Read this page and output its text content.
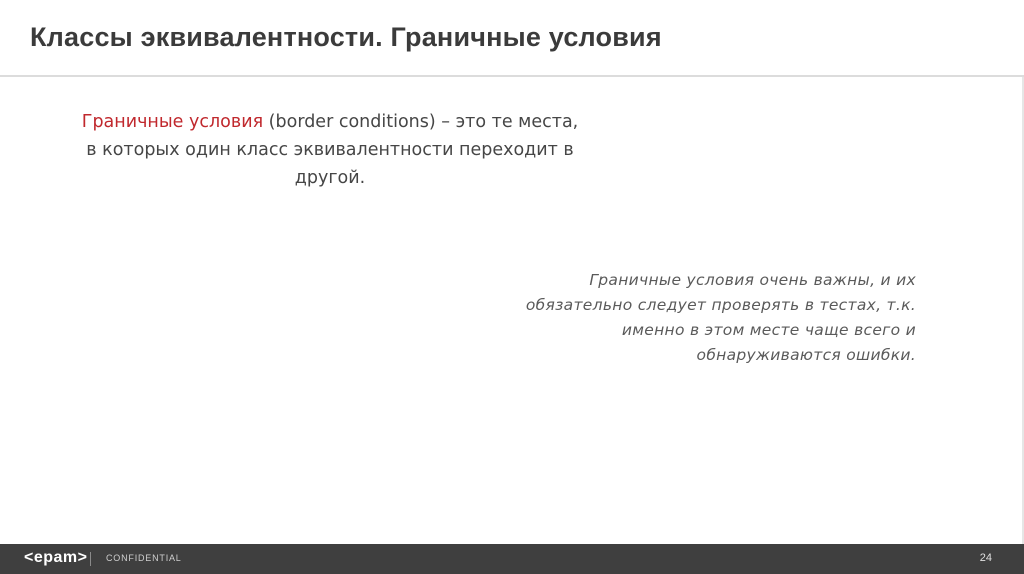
Классы эквивалентности. Граничные условия
Граничные условия (border conditions) – это те места,
в которых один класс эквивалентности переходит в
другой.
Граничные условия очень важны, и их
обязательно следует проверять в тестах, т.к.
именно в этом месте чаще всего и
обнаруживаются ошибки.
<epam> CONFIDENTIAL	24
